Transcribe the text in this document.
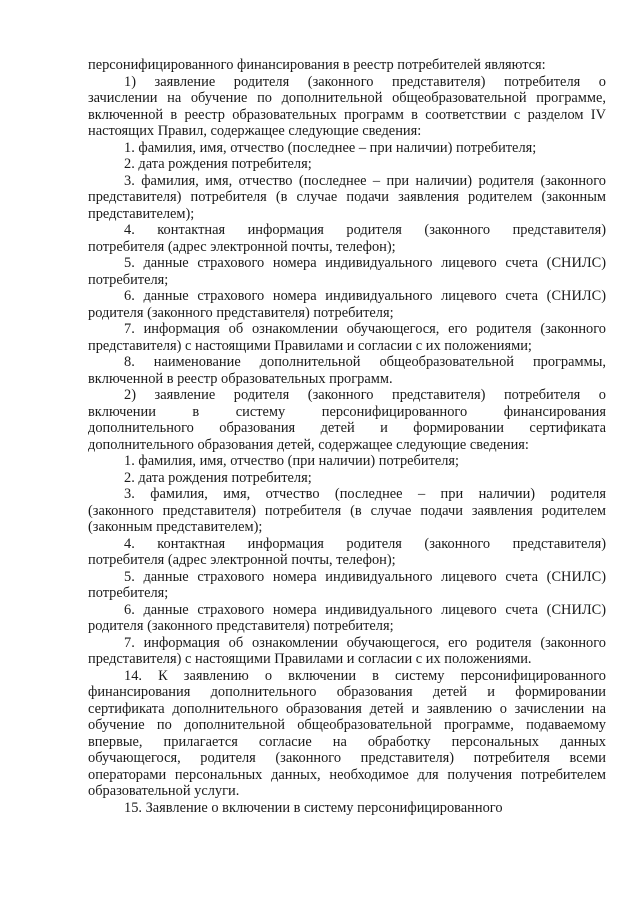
персонифицированного финансирования в реестр потребителей являются:
1) заявление родителя (законного представителя) потребителя о
зачислении на обучение по дополнительной общеобразовательной программе,
включенной в реестр образовательных программ в соответствии с разделом IV
настоящих Правил, содержащее следующие сведения:
1. фамилия, имя, отчество (последнее – при наличии) потребителя;
2. дата рождения потребителя;
3. фамилия, имя, отчество (последнее – при наличии) родителя (законного
представителя) потребителя (в случае подачи заявления родителем (законным
представителем);
4. контактная информация родителя (законного представителя)
потребителя (адрес электронной почты, телефон);
5. данные страхового номера индивидуального лицевого счета (СНИЛС)
потребителя;
6. данные страхового номера индивидуального лицевого счета (СНИЛС)
родителя (законного представителя) потребителя;
7. информация об ознакомлении обучающегося, его родителя (законного
представителя) с настоящими Правилами и согласии с их положениями;
8. наименование дополнительной общеобразовательной программы,
включенной в реестр образовательных программ.
2) заявление родителя (законного представителя) потребителя о
включении в систему персонифицированного финансирования
дополнительного образования детей и формировании сертификата
дополнительного образования детей, содержащее следующие сведения:
1. фамилия, имя, отчество (при наличии) потребителя;
2. дата рождения потребителя;
3. фамилия, имя, отчество (последнее – при наличии) родителя
(законного представителя) потребителя (в случае подачи заявления родителем
(законным представителем);
4. контактная информация родителя (законного представителя)
потребителя (адрес электронной почты, телефон);
5. данные страхового номера индивидуального лицевого счета (СНИЛС)
потребителя;
6. данные страхового номера индивидуального лицевого счета (СНИЛС)
родителя (законного представителя) потребителя;
7. информация об ознакомлении обучающегося, его родителя (законного
представителя) с настоящими Правилами и согласии с их положениями.
14. К заявлению о включении в систему персонифицированного
финансирования дополнительного образования детей и формировании
сертификата дополнительного образования детей и заявлению о зачислении на
обучение по дополнительной общеобразовательной программе, подаваемому
впервые, прилагается согласие на обработку персональных данных
обучающегося, родителя (законного представителя) потребителя всеми
операторами персональных данных, необходимое для получения потребителем
образовательной услуги.
15. Заявление о включении в систему персонифицированного
